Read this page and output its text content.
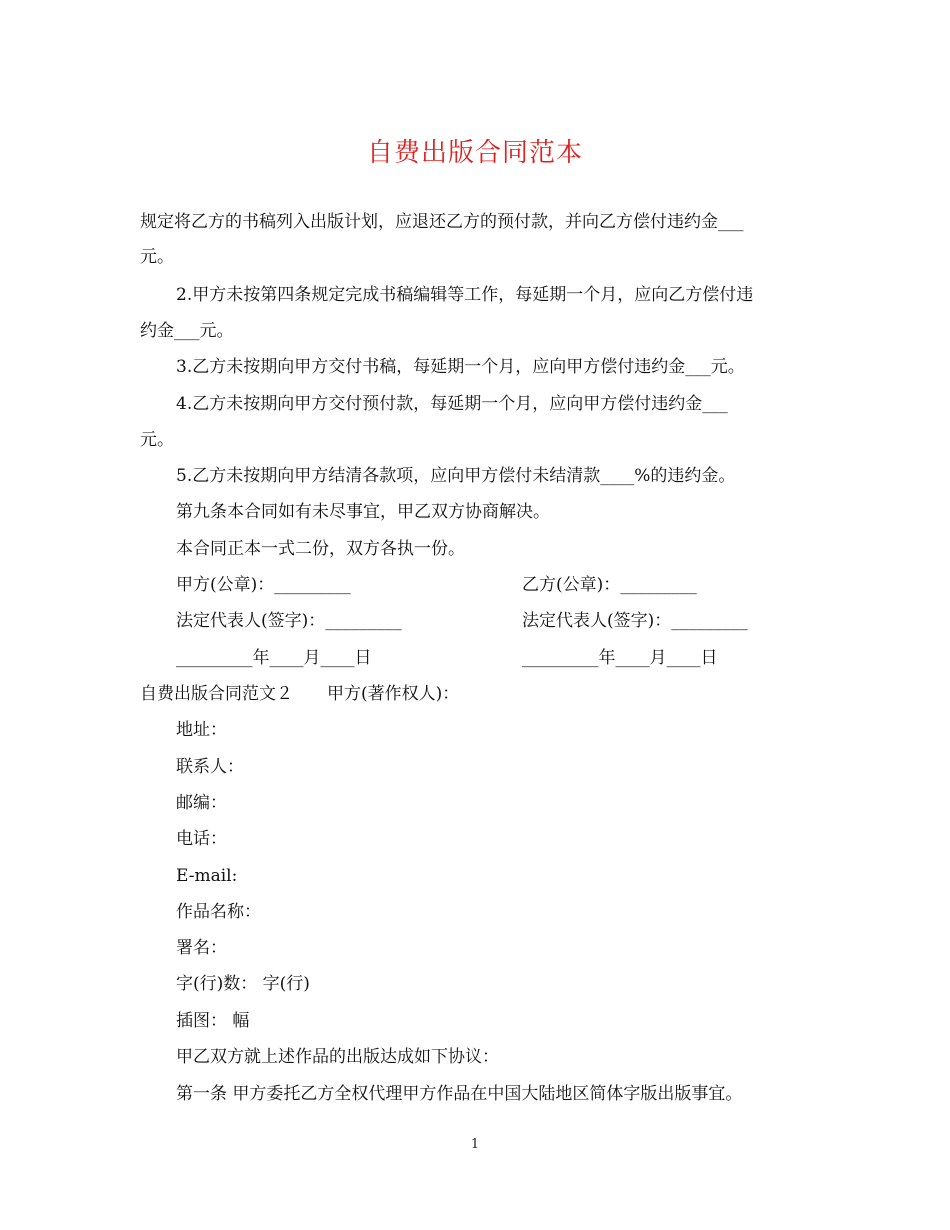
自费出版合同范本
规定将乙方的书稿列入出版计划，应退还乙方的预付款，并向乙方偿付违约金___
元。
2.甲方未按第四条规定完成书稿编辑等工作，每延期一个月，应向乙方偿付违
约金___元。
3.乙方未按期向甲方交付书稿，每延期一个月，应向甲方偿付违约金___元。
4.乙方未按期向甲方交付预付款，每延期一个月，应向甲方偿付违约金___
元。
5.乙方未按期向甲方结清各款项，应向甲方偿付未结清款____%的违约金。
第九条本合同如有未尽事宜，甲乙双方协商解决。
本合同正本一式二份，双方各执一份。
甲方(公章)：_________	乙方(公章)：_________
法定代表人(签字)：_________	法定代表人(签字)：_________
_________年____月____日	_________年____月____日
自费出版合同范文２　　甲方(著作权人)：
地址：
联系人：
邮编：
电话：
E-mail:
作品名称：
署名：
字(行)数： 字(行)
插图： 幅
甲乙双方就上述作品的出版达成如下协议：
第一条 甲方委托乙方全权代理甲方作品在中国大陆地区简体字版出版事宜。
1
